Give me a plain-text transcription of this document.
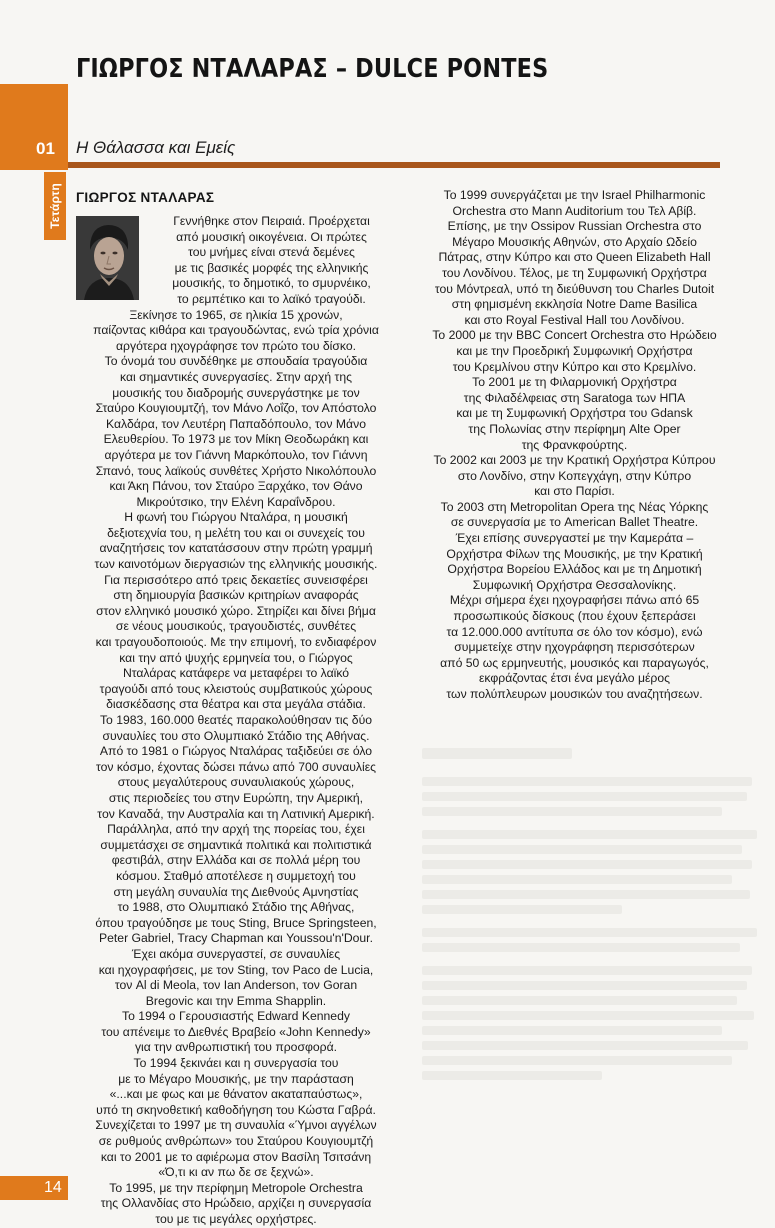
Τετάρτη
ΓΙΩΡΓΟΣ ΝΤΑΛΑΡΑΣ – DULCE PONTES
01 Η Θάλασσα και Εμείς
ΓΙΩΡΓΟΣ ΝΤΑΛΑΡΑΣ

Γεννήθηκε στον Πειραιά. Προέρχεται

από μουσική οικογένεια. Οι πρώτες

του μνήμες είναι στενά δεμένες

με τις βασικές μορφές της ελληνικής

μουσικής, το δημοτικό, το σμυρνέικο,

το ρεμπέτικο και το λαϊκό τραγούδι.

Ξεκίνησε το 1965, σε ηλικία 15 χρονών,

παίζοντας κιθάρα και τραγουδώντας, ενώ τρία χρόνια

αργότερα ηχογράφησε τον πρώτο του δίσκο.

Το όνομά του συνδέθηκε με σπουδαία τραγούδια

και σημαντικές συνεργασίες. Στην αρχή της

μουσικής του διαδρομής συνεργάστηκε με τον

Σταύρο Κουγιουμτζή, τον Μάνο Λοΐζο, τον Απόστολο

Καλδάρα, τον Λευτέρη Παπαδόπουλο, τον Μάνο

Ελευθερίου. Το 1973 με τον Μίκη Θεοδωράκη και

αργότερα με τον Γιάννη Μαρκόπουλο, τον Γιάννη

Σπανό, τους λαϊκούς συνθέτες Χρήστο Νικολόπουλο

και Άκη Πάνου, τον Σταύρο Ξαρχάκο, τον Θάνο

Μικρούτσικο, την Ελένη Καραΐνδρου.

Η φωνή του Γιώργου Νταλάρα, η μουσική

δεξιοτεχνία του, η μελέτη του και οι συνεχείς του

αναζητήσεις τον κατατάσσουν στην πρώτη γραμμή

των καινοτόμων διεργασιών της ελληνικής μουσικής.

Για περισσότερο από τρεις δεκαετίες συνεισφέρει

στη δημιουργία βασικών κριτηρίων αναφοράς

στον ελληνικό μουσικό χώρο. Στηρίζει και δίνει βήμα

σε νέους μουσικούς, τραγουδιστές, συνθέτες

και τραγουδοποιούς. Με την επιμονή, το ενδιαφέρον

και την από ψυχής ερμηνεία του, ο Γιώργος

Νταλάρας κατάφερε να μεταφέρει το λαϊκό

τραγούδι από τους κλειστούς συμβατικούς χώρους

διασκέδασης στα θέατρα και στα μεγάλα στάδια.

Το 1983, 160.000 θεατές παρακολούθησαν τις δύο

συναυλίες του στο Ολυμπιακό Στάδιο της Αθήνας.

Από το 1981 ο Γιώργος Νταλάρας ταξιδεύει σε όλο

τον κόσμο, έχοντας δώσει πάνω από 700 συναυλίες

στους μεγαλύτερους συναυλιακούς χώρους,

στις περιοδείες του στην Ευρώπη, την Αμερική,

τον Καναδά, την Αυστραλία και τη Λατινική Αμερική.

Παράλληλα, από την αρχή της πορείας του, έχει

συμμετάσχει σε σημαντικά πολιτικά και πολιτιστικά

φεστιβάλ, στην Ελλάδα και σε πολλά μέρη του

κόσμου. Σταθμό αποτέλεσε η συμμετοχή του

στη μεγάλη συναυλία της Διεθνούς Αμνηστίας

το 1988, στο Ολυμπιακό Στάδιο της Αθήνας,

όπου τραγούδησε με τους Sting, Bruce Springsteen,

Peter Gabriel, Tracy Chapman και Youssou'n'Dour.

Έχει ακόμα συνεργαστεί, σε συναυλίες

και ηχογραφήσεις, με τον Sting, τον Paco de Lucia,

τον Al di Meola, τον Ian Anderson, τον Goran

Bregovic και την Emma Shapplin.

Το 1994 ο Γερουσιαστής Edward Kennedy

του απένειμε το Διεθνές Βραβείο «John Kennedy»

για την ανθρωπιστική του προσφορά.

Το 1994 ξεκινάει και η συνεργασία του

με το Μέγαρο Μουσικής, με την παράσταση

«...και με φως και με θάνατον ακαταπαύστως»,

υπό τη σκηνοθετική καθοδήγηση του Κώστα Γαβρά.

Συνεχίζεται το 1997 με τη συναυλία «Ύμνοι αγγέλων

σε ρυθμούς ανθρώπων» του Σταύρου Κουγιουμτζή

και το 2001 με το αφιέρωμα στον Βασίλη Τσιτσάνη

«Ό,τι κι αν πω δε σε ξεχνώ».

Το 1995, με την περίφημη Metropole Orchestra

της Ολλανδίας στο Ηρώδειο, αρχίζει η συνεργασία

του με τις μεγάλες ορχήστρες.

Το 1999 συνεργάζεται με την Israel Philharmonic

Orchestra στο Mann Auditorium του Τελ Αβίβ.

Επίσης, με την Ossipov Russian Orchestra στο

Μέγαρο Μουσικής Αθηνών, στο Αρχαίο Ωδείο

Πάτρας, στην Κύπρο και στο Queen Elizabeth Hall

του Λονδίνου. Τέλος, με τη Συμφωνική Ορχήστρα

του Μόντρεαλ, υπό τη διεύθυνση του Charles Dutoit

στη φημισμένη εκκλησία Notre Dame Basilica

και στο Royal Festival Hall του Λονδίνου.

Το 2000 με την BBC Concert Orchestra στο Ηρώδειο

και με την Προεδρική Συμφωνική Ορχήστρα

του Κρεμλίνου στην Κύπρο και στο Κρεμλίνο.

Το 2001 με τη Φιλαρμονική Ορχήστρα

της Φιλαδέλφειας στη Saratoga των ΗΠΑ

και με τη Συμφωνική Ορχήστρα του Gdansk

της Πολωνίας στην περίφημη Alte Oper

της Φρανκφούρτης.

Το 2002 και 2003 με την Κρατική Ορχήστρα Κύπρου

στο Λονδίνο, στην Κοπεγχάγη, στην Κύπρο

και στο Παρίσι.

Το 2003 στη Metropolitan Opera της Νέας Υόρκης

σε συνεργασία με το American Ballet Theatre.

Έχει επίσης συνεργαστεί με την Καμεράτα –

Ορχήστρα Φίλων της Μουσικής, με την Κρατική

Ορχήστρα Βορείου Ελλάδος και με τη Δημοτική

Συμφωνική Ορχήστρα Θεσσαλονίκης.

Μέχρι σήμερα έχει ηχογραφήσει πάνω από 65

προσωπικούς δίσκους (που έχουν ξεπεράσει

τα 12.000.000 αντίτυπα σε όλο τον κόσμο), ενώ

συμμετείχε στην ηχογράφηση περισσότερων

από 50 ως ερμηνευτής, μουσικός και παραγωγός,

εκφράζοντας έτσι ένα μεγάλο μέρος

των πολύπλευρων μουσικών του αναζητήσεων.

14
